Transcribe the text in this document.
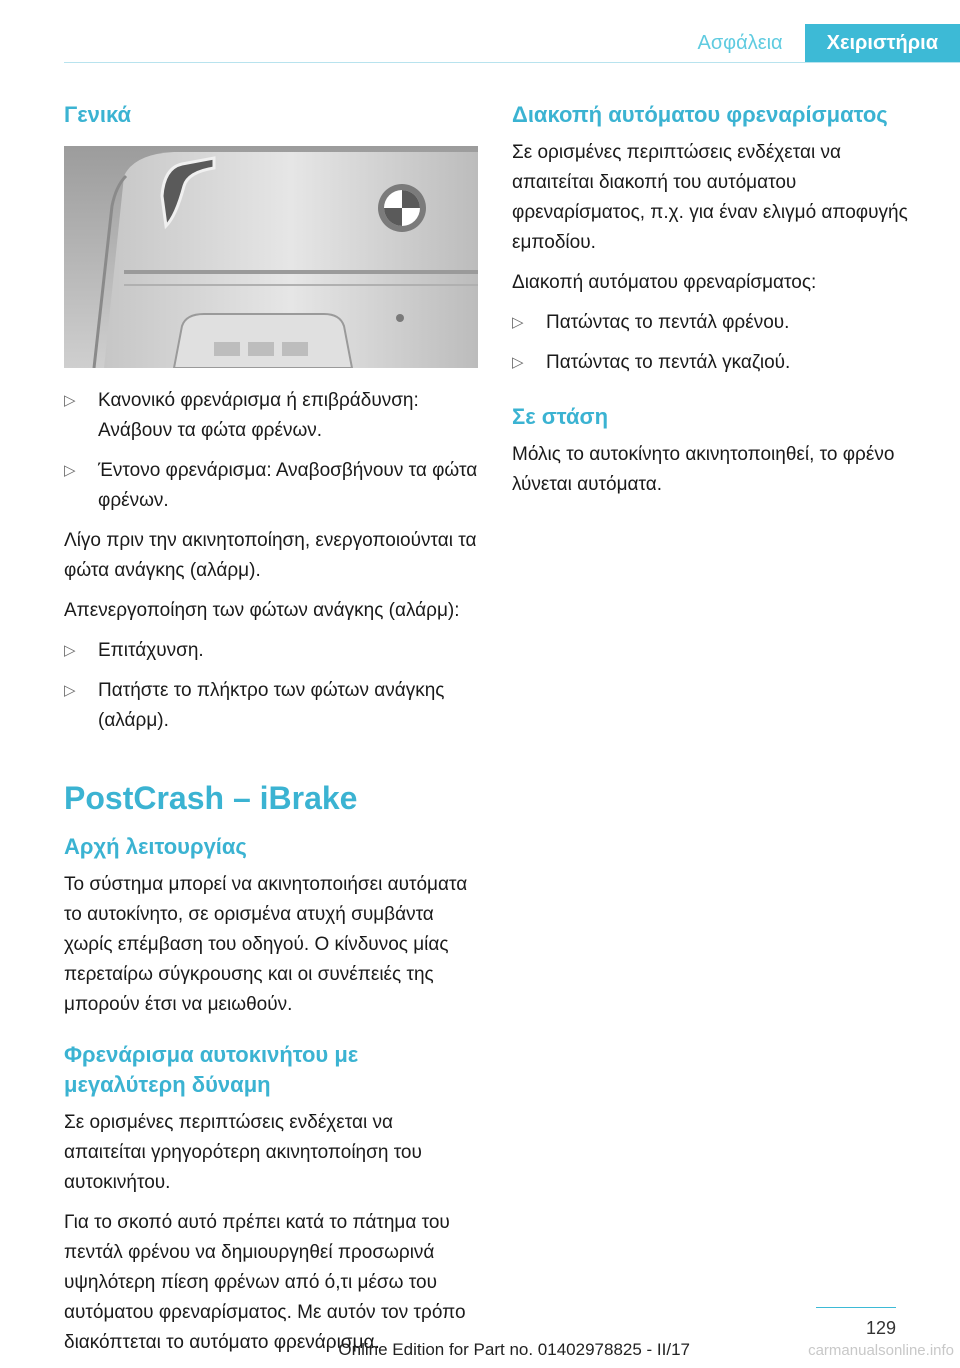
Ασφάλεια	Χειριστήρια
Γενικά
▷ Κανονικό φρενάρισμα ή επιβράδυνση: Ανάβουν τα φώτα φρένων.
▷ Έντονο φρενάρισμα: Αναβοσβήνουν τα φώτα φρένων.

Λίγο πριν την ακινητοποίηση, ενεργοποιούνται τα φώτα ανάγκης (αλάρμ).

Απενεργοποίηση των φώτων ανάγκης (αλάρμ):

▷ Επιτάχυνση.
▷ Πατήστε το πλήκτρο των φώτων ανάγκης (αλάρμ).
PostCrash – iBrake
Αρχή λειτουργίας

Το σύστημα μπορεί να ακινητοποιήσει αυτόματα το αυτοκίνητο, σε ορισμένα ατυχή συμβάντα χωρίς επέμβαση του οδηγού. Ο κίνδυνος μίας περεταίρω σύγκρουσης και οι συνέπειές της μπορούν έτσι να μειωθούν.

Φρενάρισμα αυτοκινήτου με μεγαλύτερη δύναμη

Σε ορισμένες περιπτώσεις ενδέχεται να απαιτείται γρηγορότερη ακινητοποίηση του αυτοκινήτου.

Για το σκοπό αυτό πρέπει κατά το πάτημα του πεντάλ φρένου να δημιουργηθεί προσωρινά υψηλότερη πίεση φρένων από ό,τι μέσω του αυτόματου φρεναρίσματος. Με αυτόν τον τρόπο διακόπτεται το αυτόματο φρενάρισμα.

Διακοπή αυτόματου φρεναρίσματος

Σε ορισμένες περιπτώσεις ενδέχεται να απαιτείται διακοπή του αυτόματου φρεναρίσματος, π.χ. για έναν ελιγμό αποφυγής εμποδίου.

Διακοπή αυτόματου φρεναρίσματος:

▷ Πατώντας το πεντάλ φρένου.
▷ Πατώντας το πεντάλ γκαζιού.
Σε στάση

Μόλις το αυτοκίνητο ακινητοποιηθεί, το φρένο λύνεται αυτόματα.

129
Online Edition for Part no. 01402978825 - II/17	carmanualsonline.info
